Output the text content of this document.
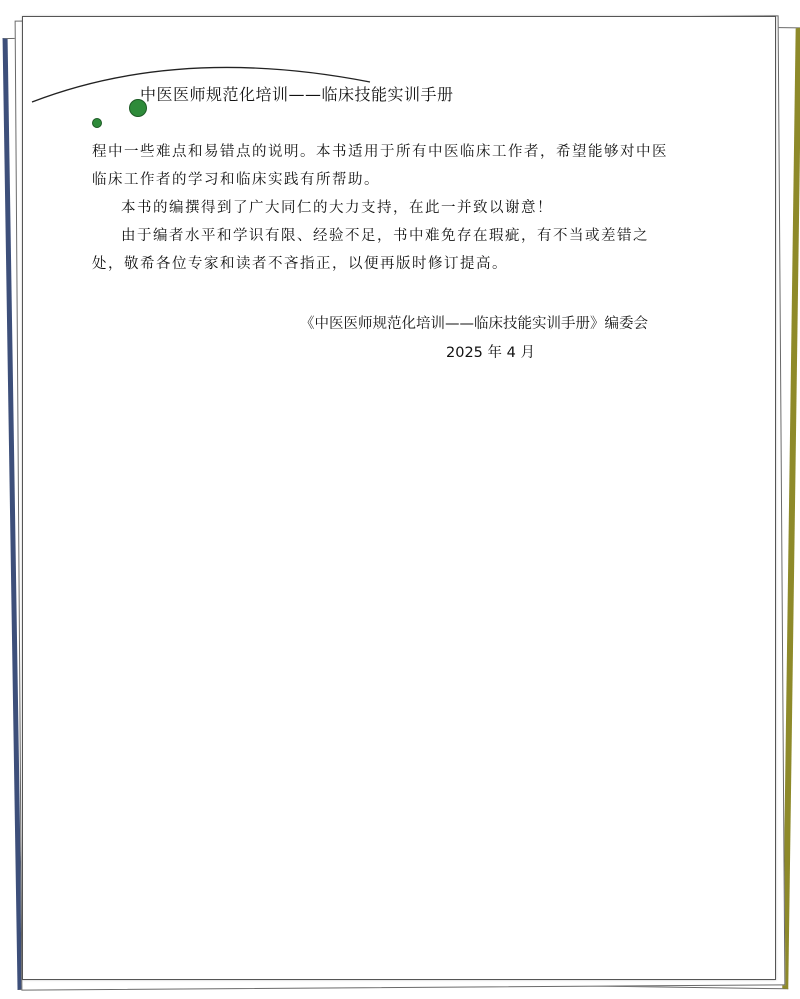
中医医师规范化培训——临床技能实训手册

程中一些难点和易错点的说明。本书适用于所有中医临床工作者，希望能够对中医临床工作者的学习和临床实践有所帮助。

本书的编撰得到了广大同仁的大力支持，在此一并致以谢意！

由于编者水平和学识有限、经验不足，书中难免存在瑕疵，有不当或差错之处，敬希各位专家和读者不吝指正，以便再版时修订提高。

《中医医师规范化培训——临床技能实训手册》编委会
2025 年 4 月
